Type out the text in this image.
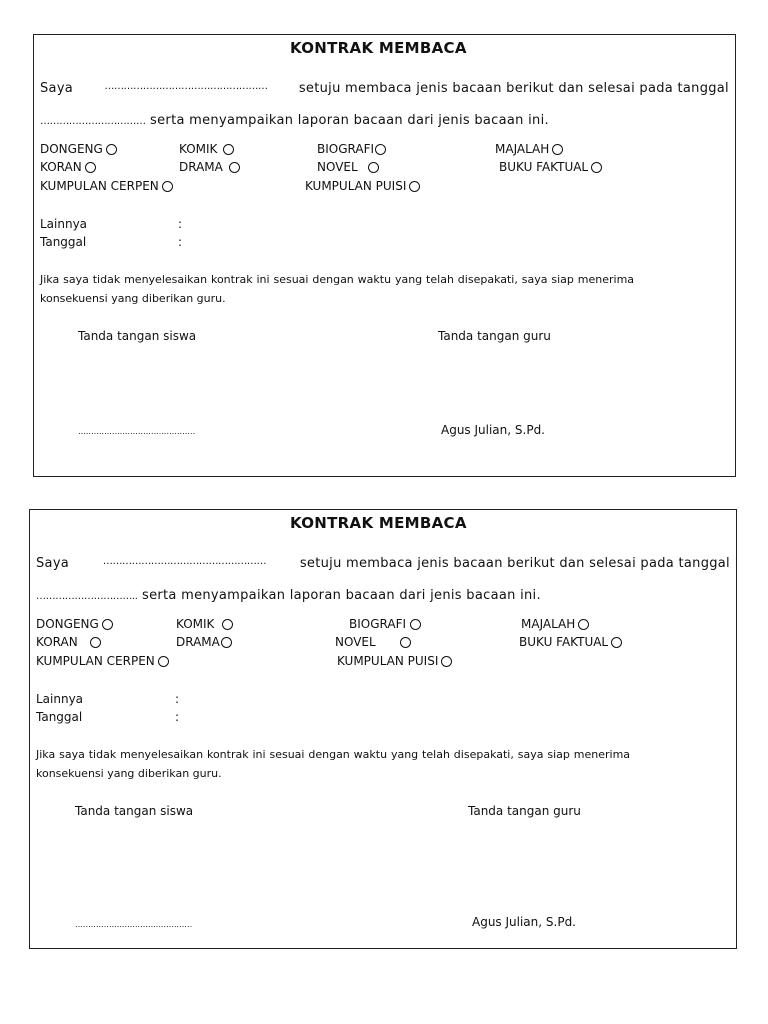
KONTRAK MEMBACA
Saya	…………………………………………… setuju membaca jenis bacaan berikut dan selesai pada tanggal
…………………………… serta menyampaikan laporan bacaan dari jenis bacaan ini.
DONGENG	KOMIK	BIOGRAFI	MAJALAH
KORAN	DRAMA	NOVEL	BUKU FAKTUAL
KUMPULAN CERPEN	KUMPULAN PUISI
Lainnya	:
Tanggal	:
Jika saya tidak menyelesaikan kontrak ini sesuai dengan waktu yang telah disepakati, saya siap menerima
konsekuensi yang diberikan guru.
Tanda tangan siswa	Tanda tangan guru
………………………………………	Agus Julian, S.Pd.
KONTRAK MEMBACA
Saya	……………………………………………	setuju membaca jenis bacaan berikut dan selesai pada tanggal
………………………….. serta menyampaikan laporan bacaan dari jenis bacaan ini.
DONGENG	KOMIK	BIOGRAFI	MAJALAH
KORAN	DRAMA	NOVEL	BUKU FAKTUAL
KUMPULAN CERPEN	KUMPULAN PUISI
Lainnya	:
Tanggal	:
Jika saya tidak menyelesaikan kontrak ini sesuai dengan waktu yang telah disepakati, saya siap menerima
konsekuensi yang diberikan guru.
Tanda tangan siswa	Tanda tangan guru
………………………………………	Agus Julian, S.Pd.
